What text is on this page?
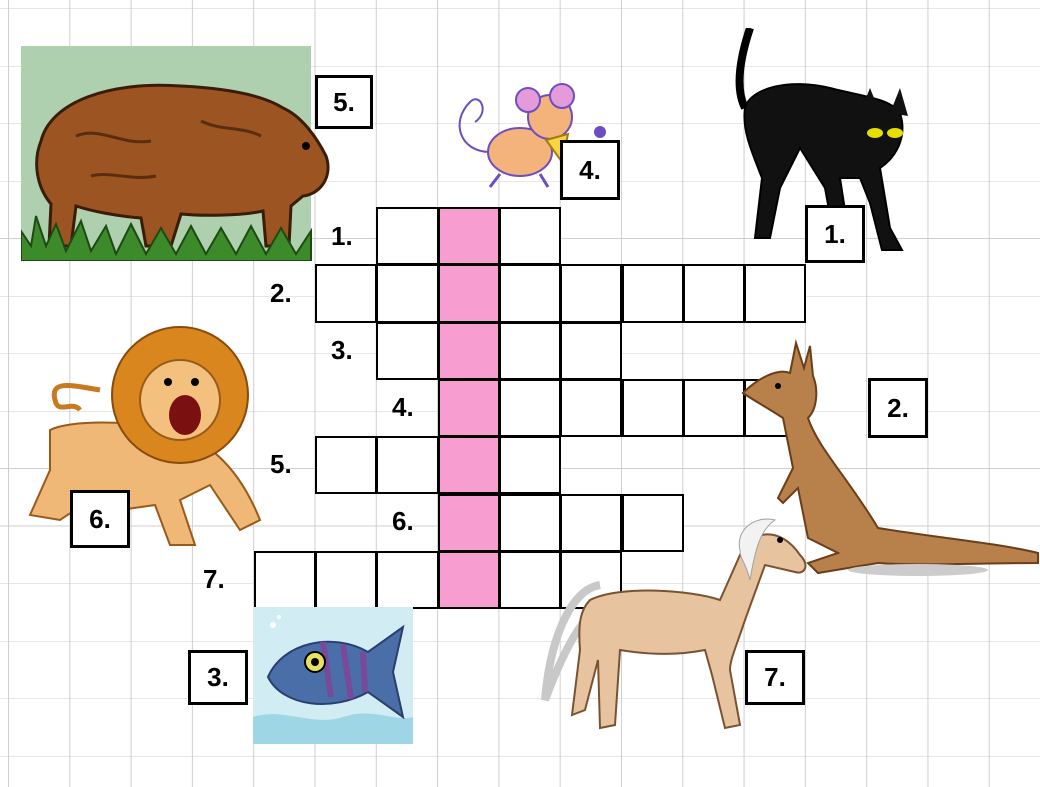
1.
2.
3.
4.
5.
6.
7.
5.
4.
1.
6.
2.
3.	7.
